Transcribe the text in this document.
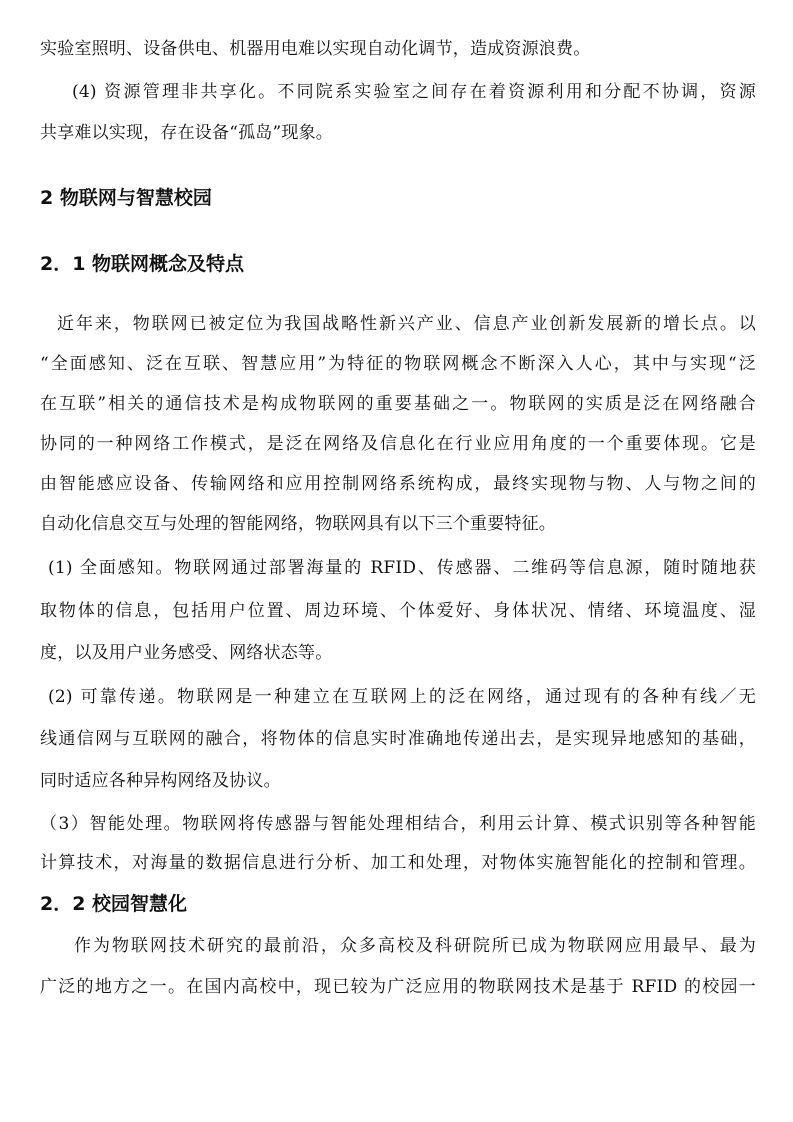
实验室照明、设备供电、机器用电难以实现自动化调节，造成资源浪费。
(4) 资源管理非共享化。不同院系实验室之间存在着资源利用和分配不协调，资源
共享难以实现，存在设备“孤岛”现象。
2 物联网与智慧校园
2．1 物联网概念及特点
近年来，物联网已被定位为我国战略性新兴产业、信息产业创新发展新的增长点。以
“全面感知、泛在互联、智慧应用”为特征的物联网概念不断深入人心，其中与实现“泛
在互联”相关的通信技术是构成物联网的重要基础之一。物联网的实质是泛在网络融合
协同的一种网络工作模式，是泛在网络及信息化在行业应用角度的一个重要体现。它是
由智能感应设备、传输网络和应用控制网络系统构成，最终实现物与物、人与物之间的
自动化信息交互与处理的智能网络，物联网具有以下三个重要特征。
(1) 全面感知。物联网通过部署海量的 RFID、传感器、二维码等信息源，随时随地获
取物体的信息，包括用户位置、周边环境、个体爱好、身体状况、情绪、环境温度、湿
度，以及用户业务感受、网络状态等。
(2) 可靠传递。物联网是一种建立在互联网上的泛在网络，通过现有的各种有线／无
线通信网与互联网的融合，将物体的信息实时准确地传递出去，是实现异地感知的基础，
同时适应各种异构网络及协议。
（3）智能处理。物联网将传感器与智能处理相结合，利用云计算、模式识别等各种智能
计算技术，对海量的数据信息进行分析、加工和处理，对物体实施智能化的控制和管理。
2．2 校园智慧化
作为物联网技术研究的最前沿，众多高校及科研院所已成为物联网应用最早、最为
广泛的地方之一。在国内高校中，现已较为广泛应用的物联网技术是基于 RFID 的校园一
